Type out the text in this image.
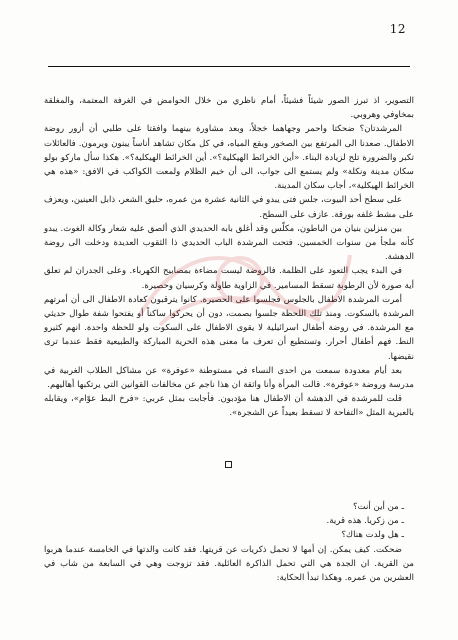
12

التصوير، اذ تبرز الصور شيئاً فشيئاً، أمام ناظري من خلال الحوامض في الغرفة المعتمة، والمغلقة بمخاوفي وهروبي.

المرشدتان؟ ضحكتا واحمر وجهاهما خجلاً، وبعد مشاورة بينهما وافقتا على طلبي أن أزور روضة الاطفال. صعدنا الى المرتفع بين الصخور وبقع المياه، في كل مكان تشاهد أناساً يبنون ويرمون. فالعائلات تكبر والضرورة تلح لزيادة البناء. «أين الخرائط الهيكلية؟». أين الخرائط الهيكلية؟». هكذا سأل ماركو بولو سكان مدينة ونكلة» ولم يستمع الى جواب، الى أن خيم الظلام ولمعت الكواكب في الافق: «هذه هي الخرائط الهيكلية»، أجاب سكان المدينة.

على سطح أحد البيوت، جلس فتى يبدو في الثانية عشرة من عمره، حليق الشعر، ذابل العينين، ويعزف على مشط غلفه بورقة. عازف على السطح.

بين منزلين بنيان من الباطون، مكلّس وقد أغلق بابه الحديدي الذي ألصق عليه شعار وكالة الغوث. يبدو كأنه ملجأ من سنوات الخمسين. فتحت المرشدة الباب الحديدي ذا الثقوب العديدة ودخلت الى روضة الدهشة.

في البدء يجب التعود على الظلمة. فالروضة ليست مضاءة بمصابيح الكهرباء. وعلى الجدران لم تعلق أية صورة لأن الرطوبة تسقط المسامير. في الزاوية طاولة وكرسيان وحصيرة.

أمرت المرشدة الاطفال بالجلوس فجلسوا على الحصيرة. كانوا يترقبون كعادة الاطفال الى أن أمرتهم المرشدة بالسكوت. ومنذ تلك اللحظة جلسوا بصمت، دون أن يحركوا ساكناً أو يفتحوا شفة طوال حديثي مع المرشدة. في روضة أطفال اسرائيلية لا يقوى الاطفال على السكوت ولو للحظة واحدة. انهم كثيرو النط. فهم أطفال أحرار. وتستطيع أن تعرف ما معنى هذه الحرية المباركة والطبيعية فقط عندما ترى نقيضها.

بعد أيام معدودة سمعت من احدى النساء في مستوطنة «عوفرة» عن مشاكل الطلاب الغربية في مدرسة وروضة «عوفرة». قالت المرأة وأنا واثقة ان هذا ناجم عن مخالفات القوانين التي يرتكبها أهاليهم.

قلت للمرشدة في الدهشة أن الاطفال هنا مؤدبون. فأجابت بمثل عربي: «فرخ البط عوّام»، ويقابله بالعبرية المثل «التفاحة لا تسقط بعيداً عن الشجرة».

ـ من أين أنت؟

ـ من زكريا. هذه قرية.

ـ هل ولدت هناك؟

ضحكت. كيف يمكن. إن أمها لا تحمل ذكريات عن قريتها. فقد كانت والدتها في الخامسة عندما هربوا من القرية. ان الجدة هي التي تحمل الذاكرة العائلية. فقد تزوجت وهي في السابعة من شاب في العشرين من عمره. وهكذا تبدأ الحكاية:
